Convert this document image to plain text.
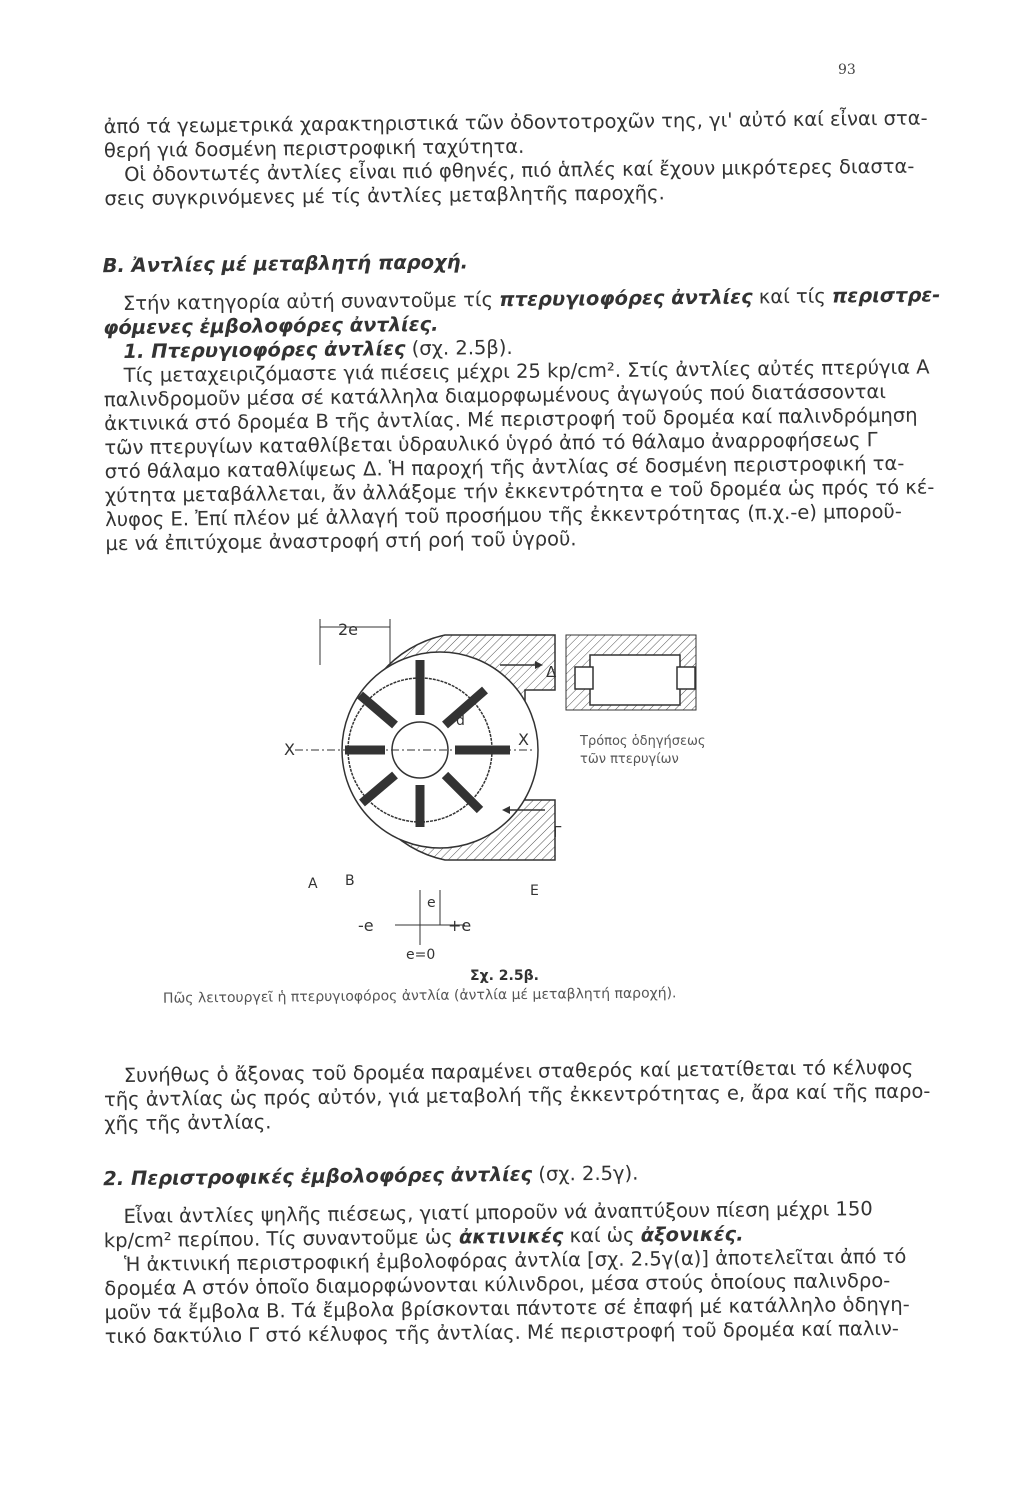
93
ἀπό τά γεωμετρικά χαρακτηριστικά τῶν ὀδοντοτροχῶν της, γι' αὐτό καί εἶναι στα-
θερή γιά δοσμένη περιστροφική ταχύτητα.
Οἱ ὀδοντωτές ἀντλίες εἶναι πιό φθηνές, πιό ἁπλές καί ἔχουν μικρότερες διαστα-
σεις συγκρινόμενες μέ τίς ἀντλίες μεταβλητῆς παροχῆς.
Β. Ἀντλίες μέ μεταβλητή παροχή.
Στήν κατηγορία αὐτή συναντοῦμε τίς πτερυγιοφόρες ἀντλίες καί τίς περιστρε-
φόμενες ἐμβολοφόρες ἀντλίες.
1. Πτερυγιοφόρες ἀντλίες (σχ. 2.5β).
Τίς μεταχειριζόμαστε γιά πιέσεις μέχρι 25 kp/cm². Στίς ἀντλίες αὐτές πτερύγια Α
παλινδρομοῦν μέσα σέ κατάλληλα διαμορφωμένους ἀγωγούς πού διατάσσονται
ἀκτινικά στό δρομέα Β τῆς ἀντλίας. Μέ περιστροφή τοῦ δρομέα καί παλινδρόμηση
τῶν πτερυγίων καταθλίβεται ὑδραυλικό ὑγρό ἀπό τό θάλαμο ἀναρροφήσεως Γ
στό θάλαμο καταθλίψεως Δ. Ἡ παροχή τῆς ἀντλίας σέ δοσμένη περιστροφική τα-
χύτητα μεταβάλλεται, ἄν ἀλλάξομε τήν ἐκκεντρότητα e τοῦ δρομέα ὡς πρός τό κέ-
λυφος Ε. Ἐπί πλέον μέ ἀλλαγή τοῦ προσήμου τῆς ἐκκεντρότητας (π.χ.-e) μποροῦ-
με νά ἐπιτύχομε ἀναστροφή στή ροή τοῦ ὑγροῦ.
2e
X
X
d
Δ
Γ
Τρόπος ὁδηγήσεως
τῶν πτερυγίων
Α Β
Ε
e
-e	+e
e=0
Σχ. 2.5β.
Πῶς λειτουργεῖ ἡ πτερυγιοφόρος ἀντλία (ἀντλία μέ μεταβλητή παροχή).
Συνήθως ὁ ἄξονας τοῦ δρομέα παραμένει σταθερός καί μετατίθεται τό κέλυφος
τῆς ἀντλίας ὡς πρός αὐτόν, γιά μεταβολή τῆς ἐκκεντρότητας e, ἄρα καί τῆς παρο-
χῆς τῆς ἀντλίας.
2. Περιστροφικές ἐμβολοφόρες ἀντλίες (σχ. 2.5γ).
Εἶναι ἀντλίες ψηλῆς πιέσεως, γιατί μποροῦν νά ἀναπτύξουν πίεση μέχρι 150
kp/cm² περίπου. Τίς συναντοῦμε ὡς ἀκτινικές καί ὡς ἀξονικές.
Ἡ ἀκτινική περιστροφική ἐμβολοφόρας ἀντλία [σχ. 2.5γ(α)] ἀποτελεῖται ἀπό τό
δρομέα Α στόν ὁποῖο διαμορφώνονται κύλινδροι, μέσα στούς ὁποίους παλινδρο-
μοῦν τά ἔμβολα Β. Τά ἔμβολα βρίσκονται πάντοτε σέ ἐπαφή μέ κατάλληλο ὁδηγη-
τικό δακτύλιο Γ στό κέλυφος τῆς ἀντλίας. Μέ περιστροφή τοῦ δρομέα καί παλιν-
